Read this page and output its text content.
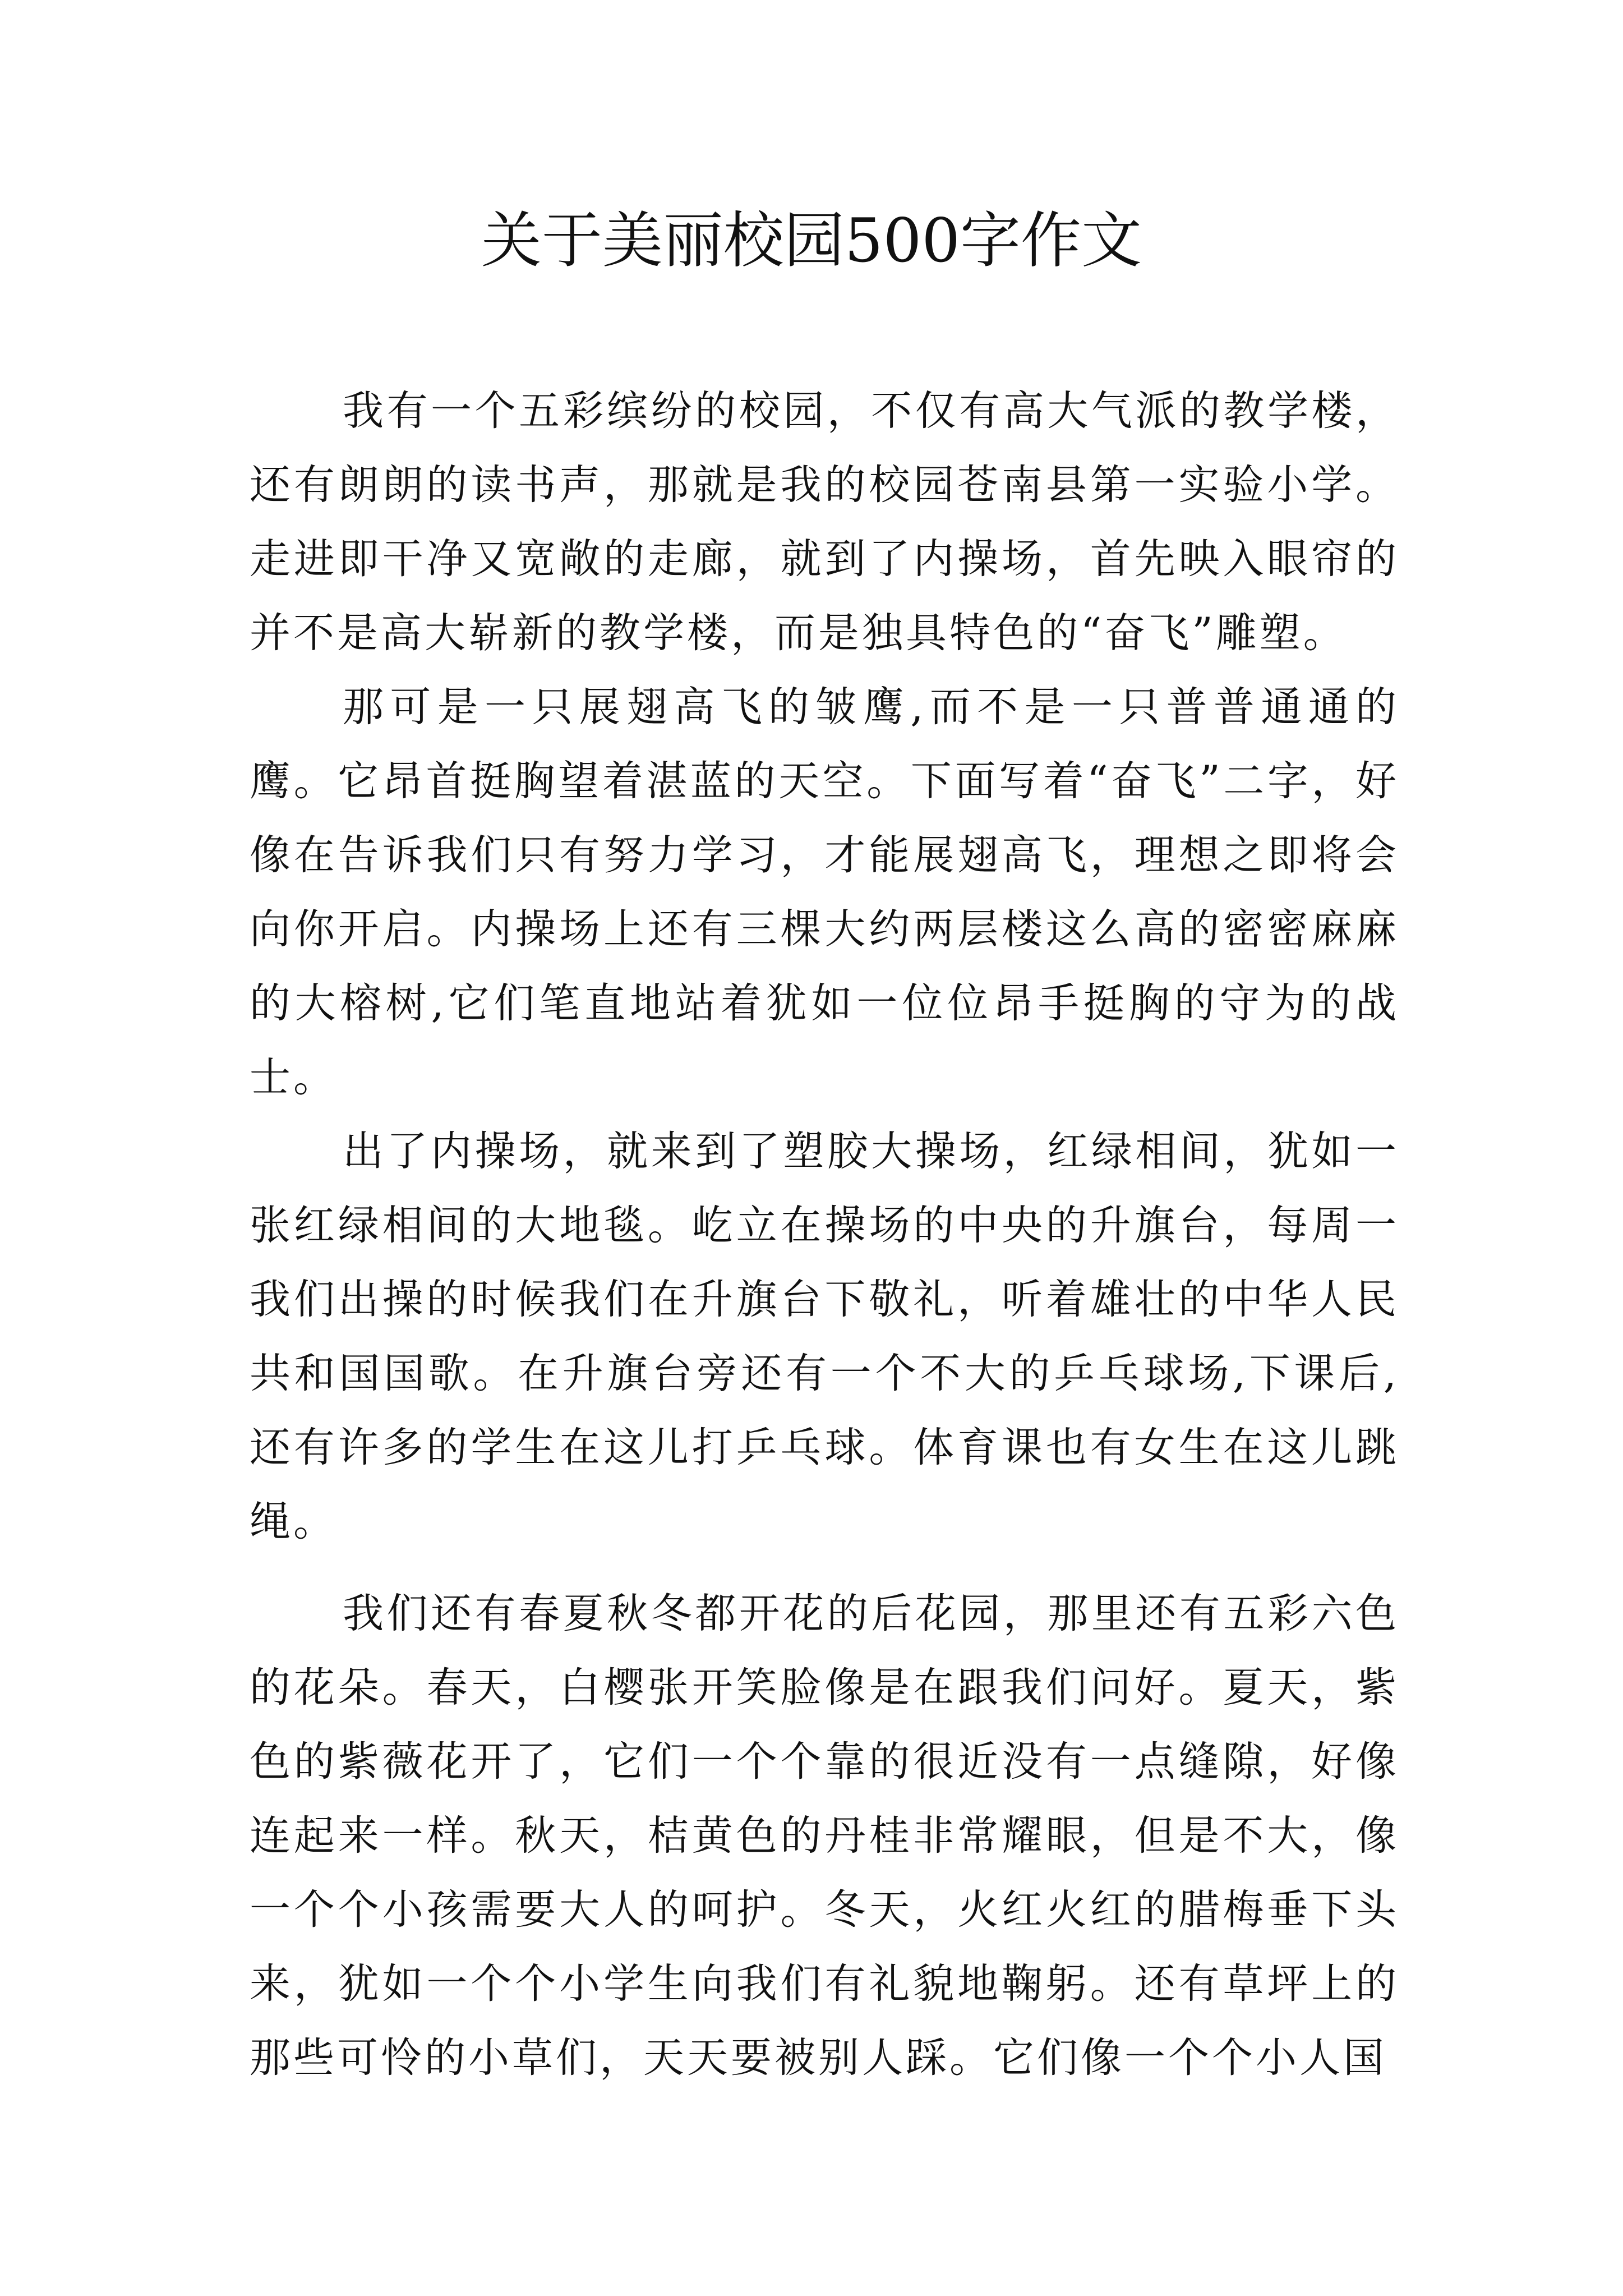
关于美丽校园500字作文

我有一个五彩缤纷的校园，不仅有高大气派的教学楼，还有朗朗的读书声，那就是我的校园苍南县第一实验小学。走进即干净又宽敞的走廊，就到了内操场，首先映入眼帘的并不是高大崭新的教学楼，而是独具特色的“奋飞”雕塑。

那可是一只展翅高飞的皱鹰,而不是一只普普通通的鹰。它昂首挺胸望着湛蓝的天空。下面写着“奋飞”二字，好像在告诉我们只有努力学习，才能展翅高飞，理想之即将会向你开启。内操场上还有三棵大约两层楼这么高的密密麻麻的大榕树,它们笔直地站着犹如一位位昂手挺胸的守为的战士。

出了内操场，就来到了塑胶大操场，红绿相间，犹如一张红绿相间的大地毯。屹立在操场的中央的升旗台，每周一我们出操的时候我们在升旗台下敬礼，听着雄壮的中华人民共和国国歌。在升旗台旁还有一个不大的乒乓球场,下课后,还有许多的学生在这儿打乒乓球。体育课也有女生在这儿跳绳。

我们还有春夏秋冬都开花的后花园，那里还有五彩六色的花朵。春天，白樱张开笑脸像是在跟我们问好。夏天，紫色的紫薇花开了，它们一个个靠的很近没有一点缝隙，好像连起来一样。秋天，桔黄色的丹桂非常耀眼，但是不大，像一个个小孩需要大人的呵护。冬天，火红火红的腊梅垂下头来，犹如一个个小学生向我们有礼貌地鞠躬。还有草坪上的那些可怜的小草们，天天要被别人踩。它们像一个个小人国
